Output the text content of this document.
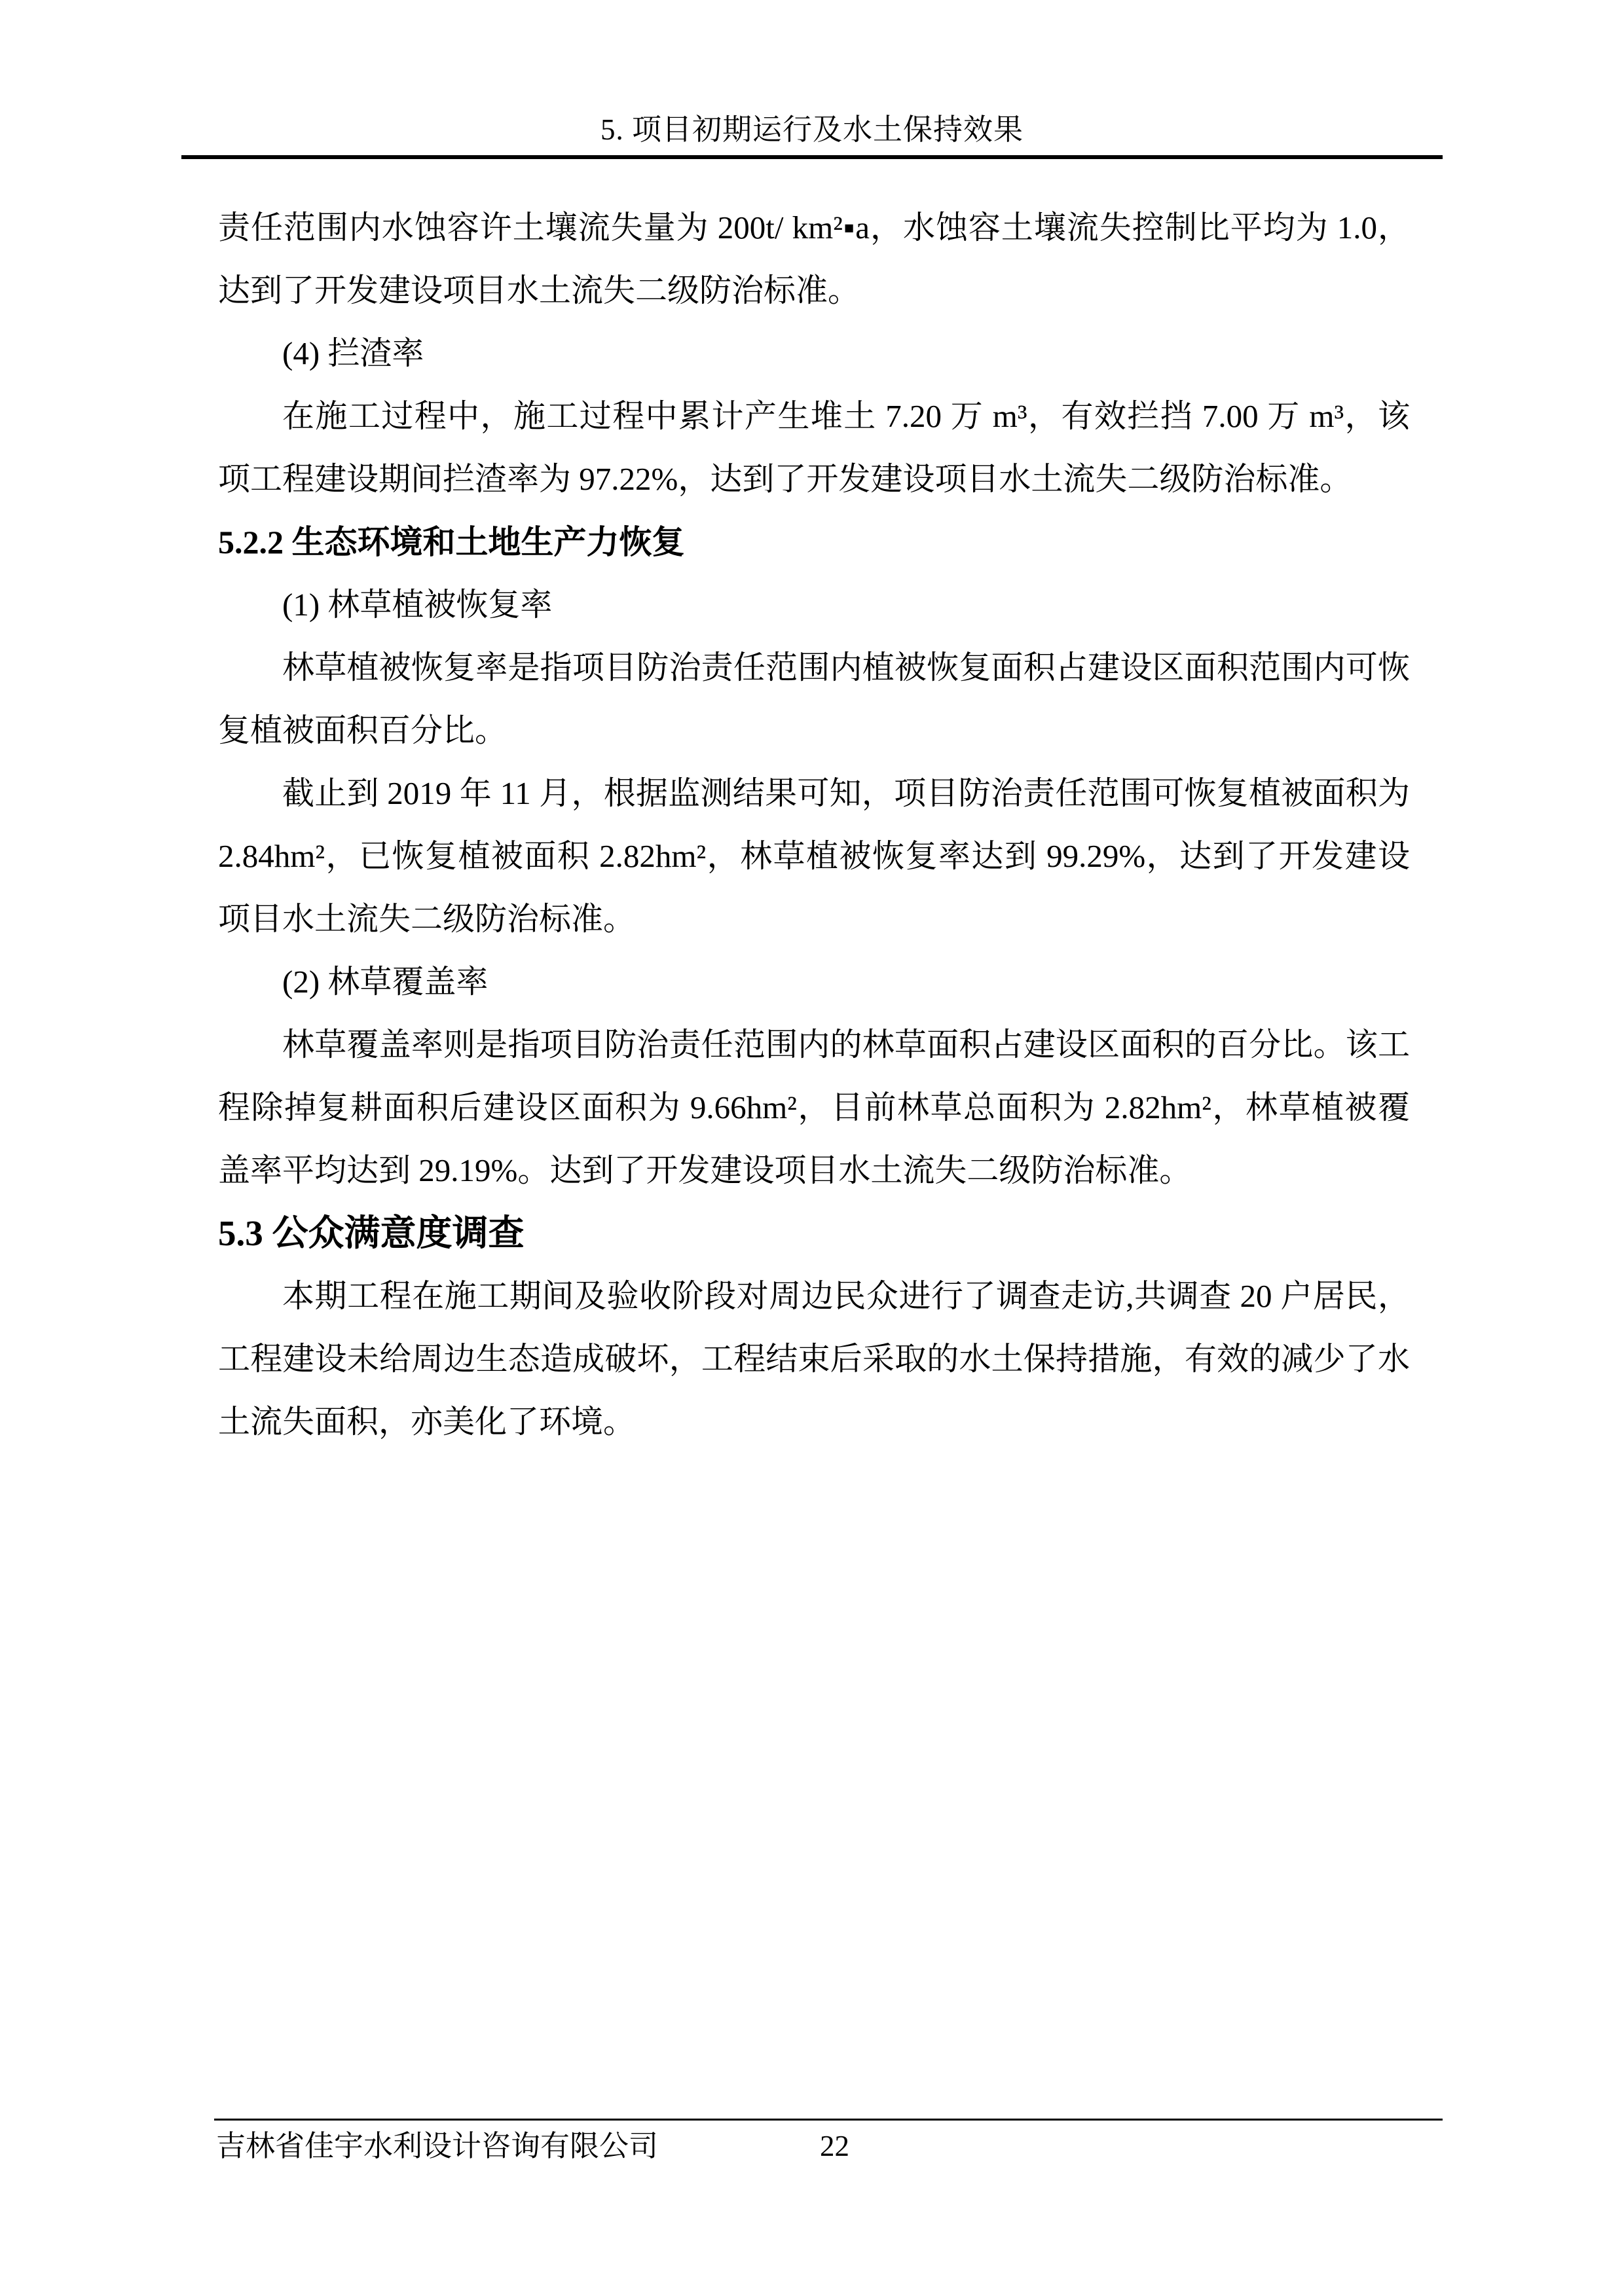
5. 项目初期运行及水土保持效果

责任范围内水蚀容许土壤流失量为 200t/ km²▪a，水蚀容土壤流失控制比平均为 1.0，达到了开发建设项目水土流失二级防治标准。

(4) 拦渣率

在施工过程中，施工过程中累计产生堆土 7.20 万 m³，有效拦挡 7.00 万 m³，该项工程建设期间拦渣率为 97.22%，达到了开发建设项目水土流失二级防治标准。

5.2.2 生态环境和土地生产力恢复

(1) 林草植被恢复率

林草植被恢复率是指项目防治责任范围内植被恢复面积占建设区面积范围内可恢复植被面积百分比。

截止到 2019 年 11 月，根据监测结果可知，项目防治责任范围可恢复植被面积为 2.84hm²，已恢复植被面积 2.82hm²，林草植被恢复率达到 99.29%，达到了开发建设项目水土流失二级防治标准。

(2) 林草覆盖率

林草覆盖率则是指项目防治责任范围内的林草面积占建设区面积的百分比。该工程除掉复耕面积后建设区面积为 9.66hm²，目前林草总面积为 2.82hm²，林草植被覆盖率平均达到 29.19%。达到了开发建设项目水土流失二级防治标准。

5.3 公众满意度调查

本期工程在施工期间及验收阶段对周边民众进行了调查走访,共调查 20 户居民，工程建设未给周边生态造成破坏，工程结束后采取的水土保持措施，有效的减少了水土流失面积，亦美化了环境。

吉林省佳宇水利设计咨询有限公司	22
